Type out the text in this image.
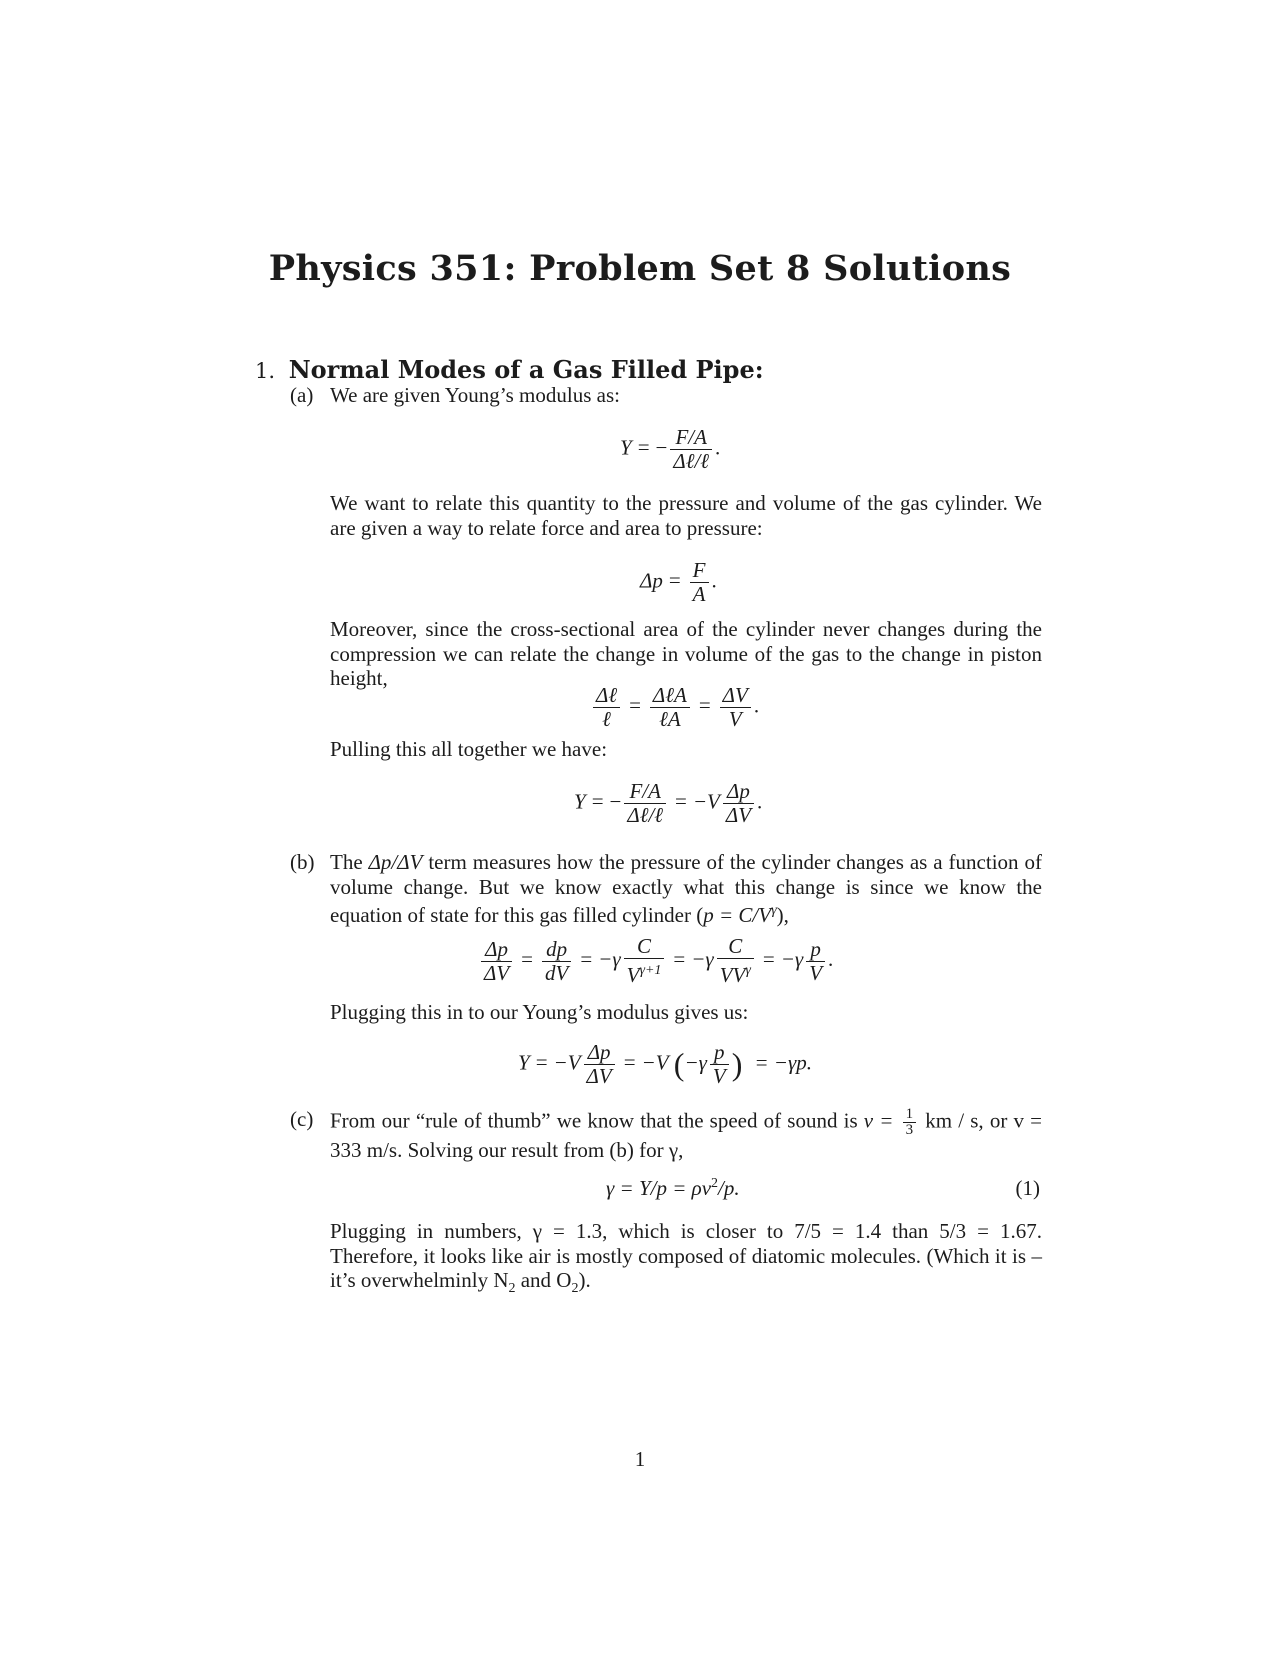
Physics 351: Problem Set 8 Solutions
1. Normal Modes of a Gas Filled Pipe:
(a) We are given Young’s modulus as:
Y = − $\frac{F/A}{\text{Δℓ/ℓ}}$ .
We want to relate this quantity to the pressure and volume of the gas cylinder. We are given a way to relate force and area to pressure:
$\Delta p = \frac{F}{A}$ .
Moreover, since the cross-sectional area of the cylinder never changes during the compression we can relate the change in volume of the gas to the change in piston height,
$\frac{\text{Δℓ}}{\text{ℓ}} = \frac{\text{ΔℓA}}{\text{ℓA}} = \frac{\Delta V}{V}$ .
Pulling this all together we have:
Y = − $\frac{F/A}{\text{Δℓ/ℓ}} = -V \frac{\Delta p}{\Delta V}$ .
(b) The Δp/ΔV term measures how the pressure of the cylinder changes as a function of volume change. But we know exactly what this change is since we know the equation of state for this gas filled cylinder $(p = C/V^\gamma)$,
$\frac{\Delta p}{\Delta V} = \frac{dp}{dV} = -\gamma \frac{C}{V^{\gamma+1}} = -\gamma \frac{C}{VV^\gamma} = -\gamma \frac{p}{V}$ .
Plugging this in to our Young’s modulus gives us:
$Y = -V \frac{\Delta p}{\Delta V} = -V$ ($-\gamma \frac{p}{V}$ ) = −γp.
(c) From our “rule of thumb” we know that the speed of sound is $v = \frac{1}{3}$ km / s, or v = 333 m/s. Solving our result from (b) for γ,
$\gamma = Y/p = \rho v^2/p$.	(1)
Plugging in numbers, γ = 1.3, which is closer to 7/5 = 1.4 than 5/3 = 1.67. Therefore, it looks like air is mostly composed of diatomic molecules. (Which it is – it’s overwhelminly $N_2$ and $O_2$).
1
